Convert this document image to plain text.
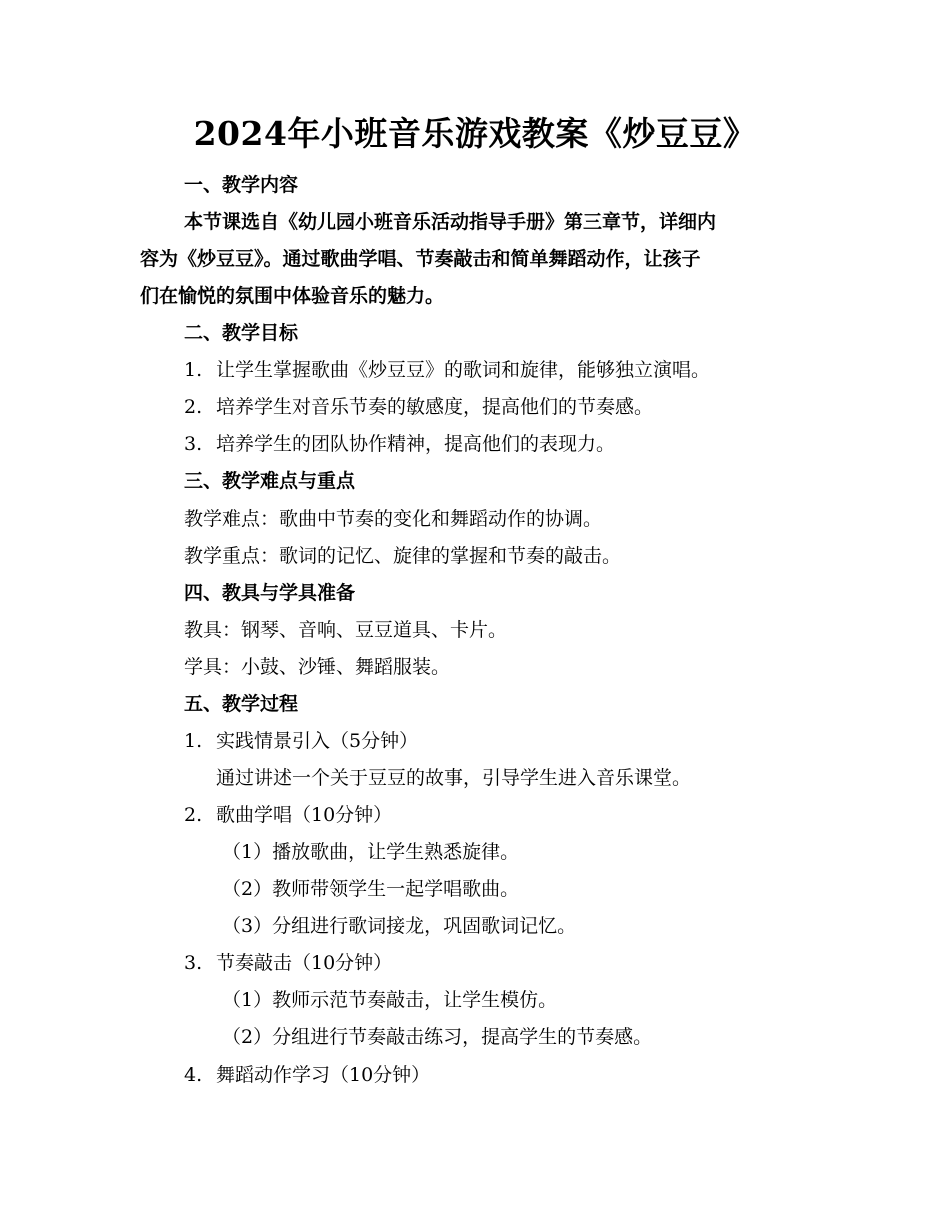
2024年小班音乐游戏教案《炒豆豆》
一、教学内容
本节课选自《幼儿园小班音乐活动指导手册》第三章节，详细内
容为《炒豆豆》。通过歌曲学唱、节奏敲击和简单舞蹈动作，让孩子
们在愉悦的氛围中体验音乐的魅力。
二、教学目标
1. 让学生掌握歌曲《炒豆豆》的歌词和旋律，能够独立演唱。
2. 培养学生对音乐节奏的敏感度，提高他们的节奏感。
3. 培养学生的团队协作精神，提高他们的表现力。
三、教学难点与重点
教学难点：歌曲中节奏的变化和舞蹈动作的协调。
教学重点：歌词的记忆、旋律的掌握和节奏的敲击。
四、教具与学具准备
教具：钢琴、音响、豆豆道具、卡片。
学具：小鼓、沙锤、舞蹈服装。
五、教学过程
1. 实践情景引入（5分钟）
通过讲述一个关于豆豆的故事，引导学生进入音乐课堂。
2. 歌曲学唱（10分钟）
（1）播放歌曲，让学生熟悉旋律。
（2）教师带领学生一起学唱歌曲。
（3）分组进行歌词接龙，巩固歌词记忆。
3. 节奏敲击（10分钟）
（1）教师示范节奏敲击，让学生模仿。
（2）分组进行节奏敲击练习，提高学生的节奏感。
4. 舞蹈动作学习（10分钟）
